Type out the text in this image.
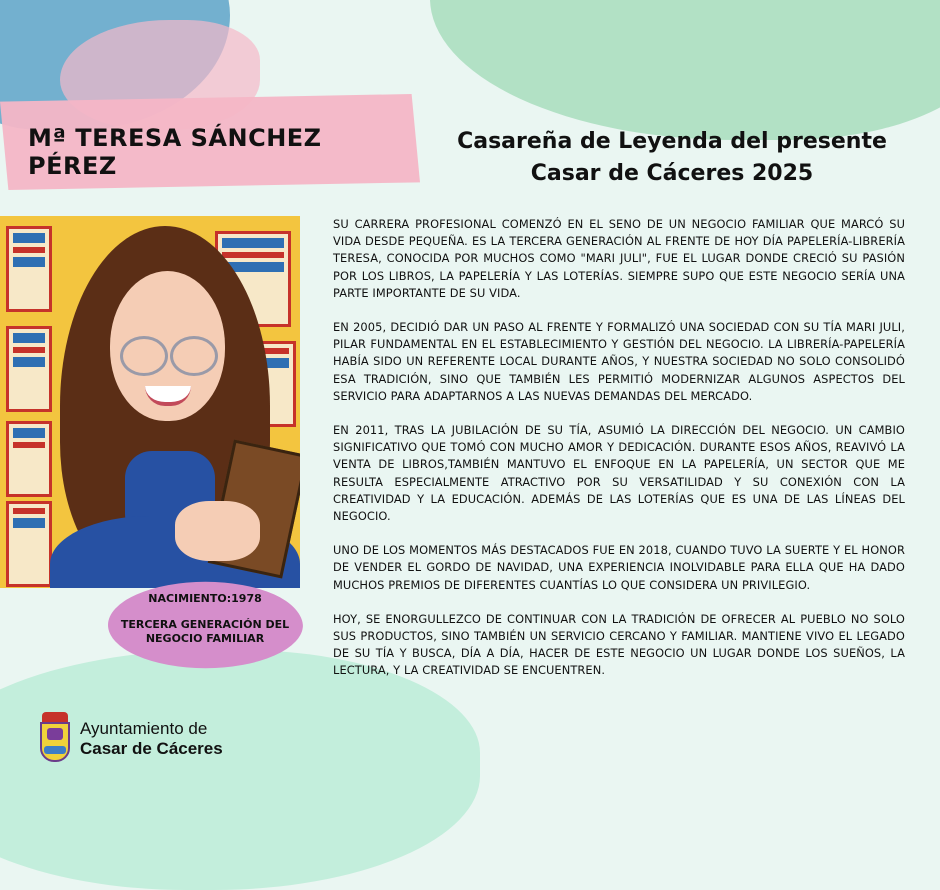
Mª TERESA SÁNCHEZ PÉREZ
Casareña de Leyenda del presente
Casar de Cáceres 2025
NACIMIENTO:1978
TERCERA GENERACIÓN DEL
NEGOCIO FAMILIAR

SU CARRERA PROFESIONAL COMENZÓ EN EL SENO DE UN NEGOCIO FAMILIAR QUE MARCÓ SU VIDA DESDE PEQUEÑA. ES LA TERCERA GENERACIÓN AL FRENTE DE HOY DÍA PAPELERÍA-LIBRERÍA TERESA, CONOCIDA POR MUCHOS COMO "MARI JULI", FUE EL LUGAR DONDE CRECIÓ SU PASIÓN POR LOS LIBROS, LA PAPELERÍA Y LAS LOTERÍAS. SIEMPRE SUPO QUE ESTE NEGOCIO SERÍA UNA PARTE IMPORTANTE DE SU VIDA.

EN 2005, DECIDIÓ DAR UN PASO AL FRENTE Y FORMALIZÓ UNA SOCIEDAD CON SU TÍA MARI JULI, PILAR FUNDAMENTAL EN EL ESTABLECIMIENTO Y GESTIÓN DEL NEGOCIO. LA LIBRERÍA-PAPELERÍA HABÍA SIDO UN REFERENTE LOCAL DURANTE AÑOS, Y NUESTRA SOCIEDAD NO SOLO CONSOLIDÓ ESA TRADICIÓN, SINO QUE TAMBIÉN LES PERMITIÓ MODERNIZAR ALGUNOS ASPECTOS DEL SERVICIO PARA ADAPTARNOS A LAS NUEVAS DEMANDAS DEL MERCADO.

EN 2011, TRAS LA JUBILACIÓN DE SU TÍA, ASUMIÓ LA DIRECCIÓN DEL NEGOCIO. UN CAMBIO SIGNIFICATIVO QUE TOMÓ CON MUCHO AMOR Y DEDICACIÓN. DURANTE ESOS AÑOS, REAVIVÓ LA VENTA DE LIBROS,TAMBIÉN MANTUVO EL ENFOQUE EN LA PAPELERÍA, UN SECTOR QUE ME RESULTA ESPECIALMENTE ATRACTIVO POR SU VERSATILIDAD Y SU CONEXIÓN CON LA CREATIVIDAD Y LA EDUCACIÓN. ADEMÁS DE LAS LOTERÍAS QUE ES UNA DE LAS LÍNEAS DEL NEGOCIO.

UNO DE LOS MOMENTOS MÁS DESTACADOS FUE EN 2018, CUANDO TUVO LA SUERTE Y EL HONOR DE VENDER EL GORDO DE NAVIDAD, UNA EXPERIENCIA INOLVIDABLE PARA ELLA QUE HA DADO MUCHOS PREMIOS DE DIFERENTES CUANTÍAS LO QUE CONSIDERA UN PRIVILEGIO.

HOY, SE ENORGULLEZCO DE CONTINUAR CON LA TRADICIÓN DE OFRECER AL PUEBLO NO SOLO SUS PRODUCTOS, SINO TAMBIÉN UN SERVICIO CERCANO Y FAMILIAR. MANTIENE VIVO EL LEGADO DE SU TÍA Y BUSCA, DÍA A DÍA, HACER DE ESTE NEGOCIO UN LUGAR DONDE LOS SUEÑOS, LA LECTURA, Y LA CREATIVIDAD SE ENCUENTREN.

Ayuntamiento de
Casar de Cáceres
